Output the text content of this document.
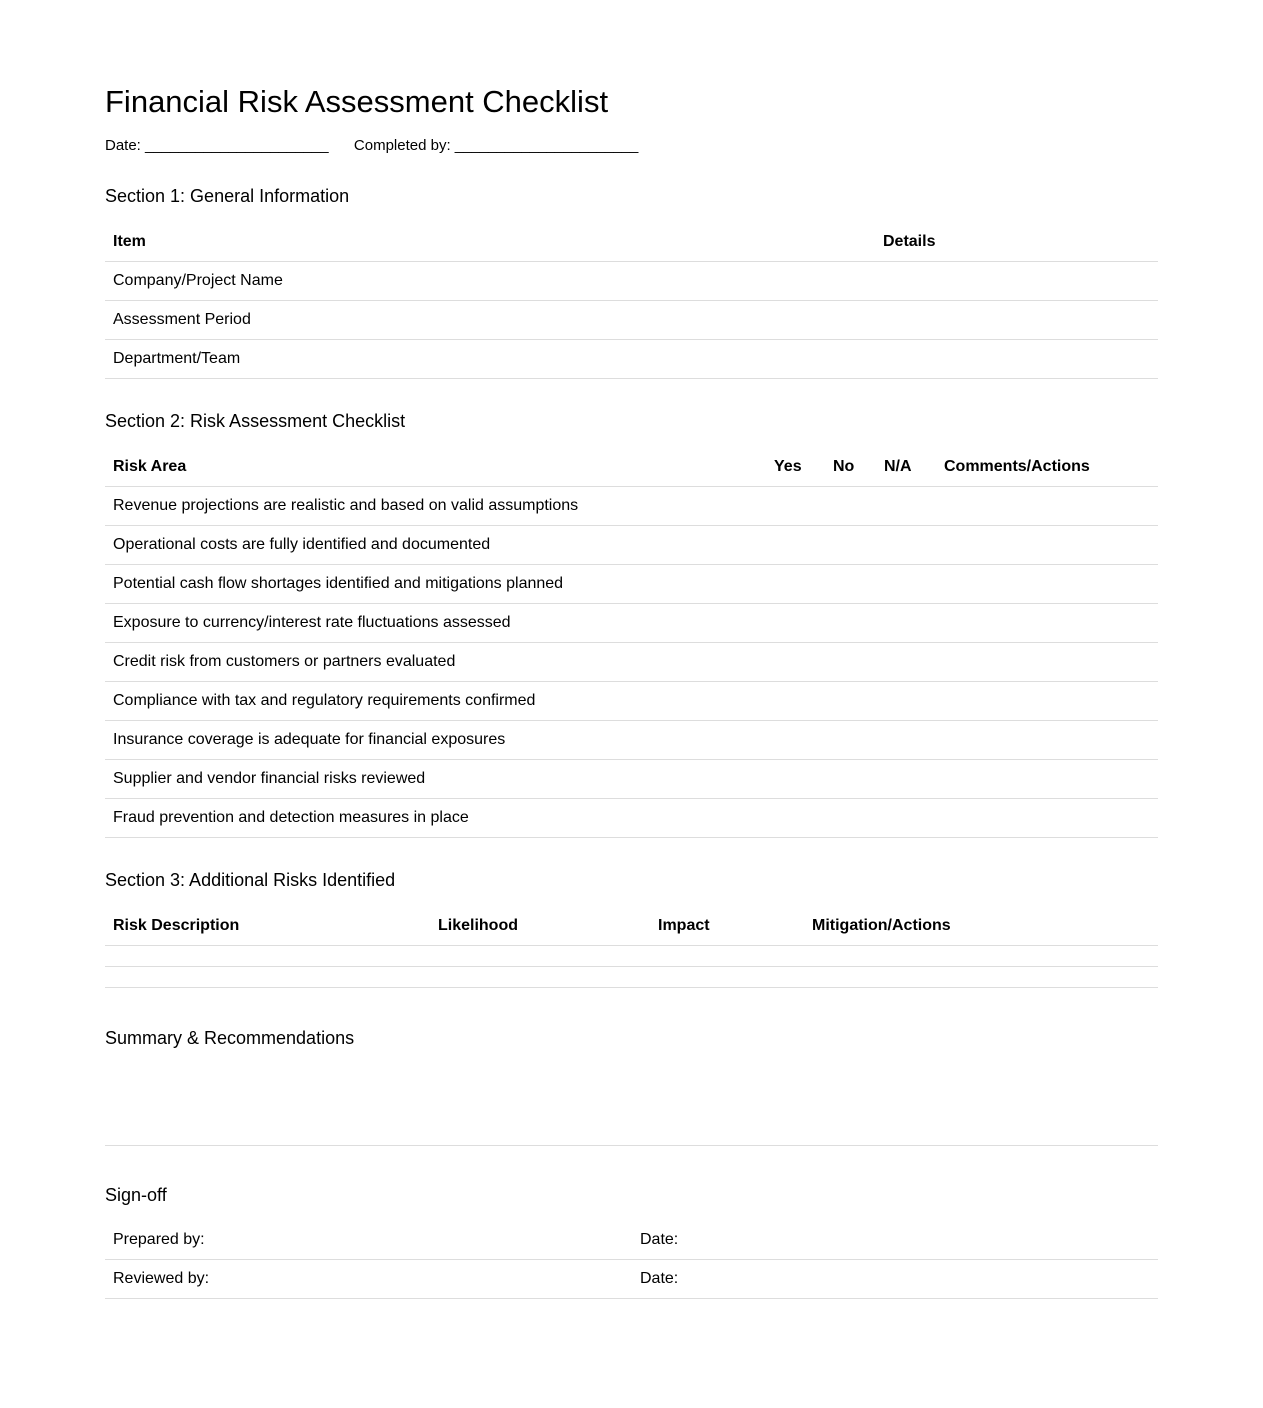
Financial Risk Assessment Checklist
Date: ______________________ Completed by: ______________________
Section 1: General Information
Item	Details
Company/Project Name	
Assessment Period	
Department/Team	
Section 2: Risk Assessment Checklist
Risk Area	Yes	No	N/A	Comments/Actions
Revenue projections are realistic and based on valid assumptions				
Operational costs are fully identified and documented				
Potential cash flow shortages identified and mitigations planned				
Exposure to currency/interest rate fluctuations assessed				
Credit risk from customers or partners evaluated				
Compliance with tax and regulatory requirements confirmed				
Insurance coverage is adequate for financial exposures				
Supplier and vendor financial risks reviewed				
Fraud prevention and detection measures in place				
Section 3: Additional Risks Identified
Risk Description	Likelihood	Impact	Mitigation/Actions

Summary & Recommendations
Sign-off
Prepared by:	Date:
Reviewed by:	Date:
